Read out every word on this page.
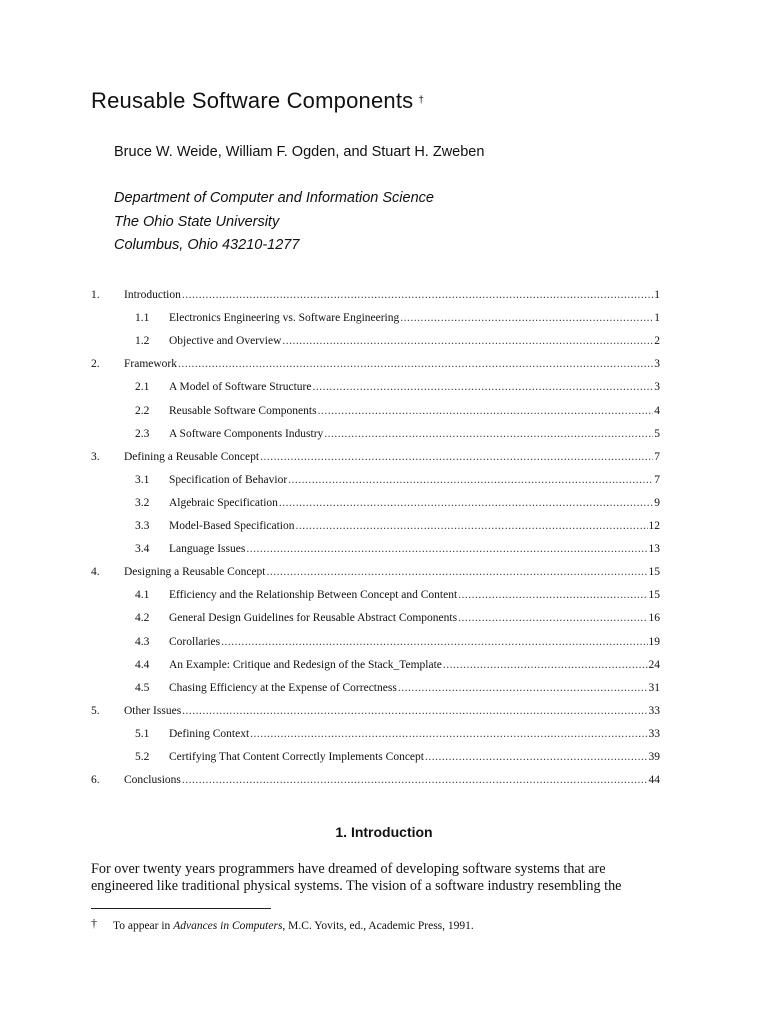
Reusable Software Components †
Bruce W. Weide, William F. Ogden, and Stuart H. Zweben
Department of Computer and Information Science
The Ohio State University
Columbus, Ohio 43210-1277
1.	Introduction .....	1
1.1	Electronics Engineering vs. Software Engineering .....	1
1.2	Objective and Overview .....	2
2.	Framework .....	3
2.1	A Model of Software Structure .....	3
2.2	Reusable Software Components .....	4
2.3	A Software Components Industry .....	5
3.	Defining a Reusable Concept .....	7
3.1	Specification of Behavior .....	7
3.2	Algebraic Specification .....	9
3.3	Model-Based Specification .....	12
3.4	Language Issues .....	13
4.	Designing a Reusable Concept .....	15
4.1	Efficiency and the Relationship Between Concept and Content .....	15
4.2	General Design Guidelines for Reusable Abstract Components .....	16
4.3	Corollaries .....	19
4.4	An Example: Critique and Redesign of the Stack_Template .....	24
4.5	Chasing Efficiency at the Expense of Correctness .....	31
5.	Other Issues .....	33
5.1	Defining Context .....	33
5.2	Certifying That Content Correctly Implements Concept .....	39
6.	Conclusions .....	44
1. Introduction
For over twenty years programmers have dreamed of developing software systems that are
engineered like traditional physical systems. The vision of a software industry resembling the
† To appear in Advances in Computers, M.C. Yovits, ed., Academic Press, 1991.
